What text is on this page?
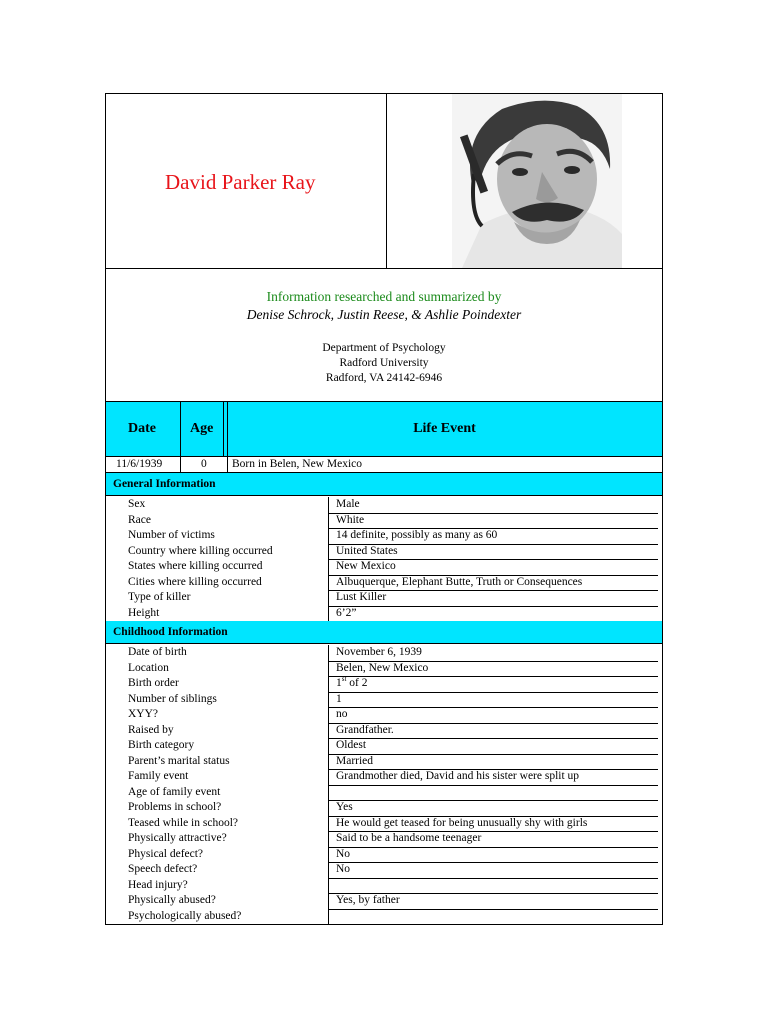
David Parker Ray
Information researched and summarized by
Denise Schrock, Justin Reese, & Ashlie Poindexter
Department of Psychology
Radford University
Radford, VA 24142-6946
Date Age	Life Event
11/6/1939	0 Born in Belen, New Mexico
General Information
Sex	Male
Race	White
Number of victims	14 definite, possibly as many as 60
Country where killing occurred	United States
States where killing occurred	New Mexico
Cities where killing occurred	Albuquerque, Elephant Butte, Truth or Consequences
Type of killer	Lust Killer
Height	6’2”
Childhood Information
Date of birth	November 6, 1939
Location	Belen, New Mexico
Birth order	1st of 2
Number of siblings	1
XYY?	no
Raised by	Grandfather.
Birth category	Oldest
Parent’s marital status	Married
Family event	Grandmother died, David and his sister were split up
Age of family event
Problems in school?	Yes
Teased while in school?	He would get teased for being unusually shy with girls
Physically attractive?	Said to be a handsome teenager
Physical defect?	No
Speech defect?	No
Head injury?
Physically abused?	Yes, by father
Psychologically abused?
